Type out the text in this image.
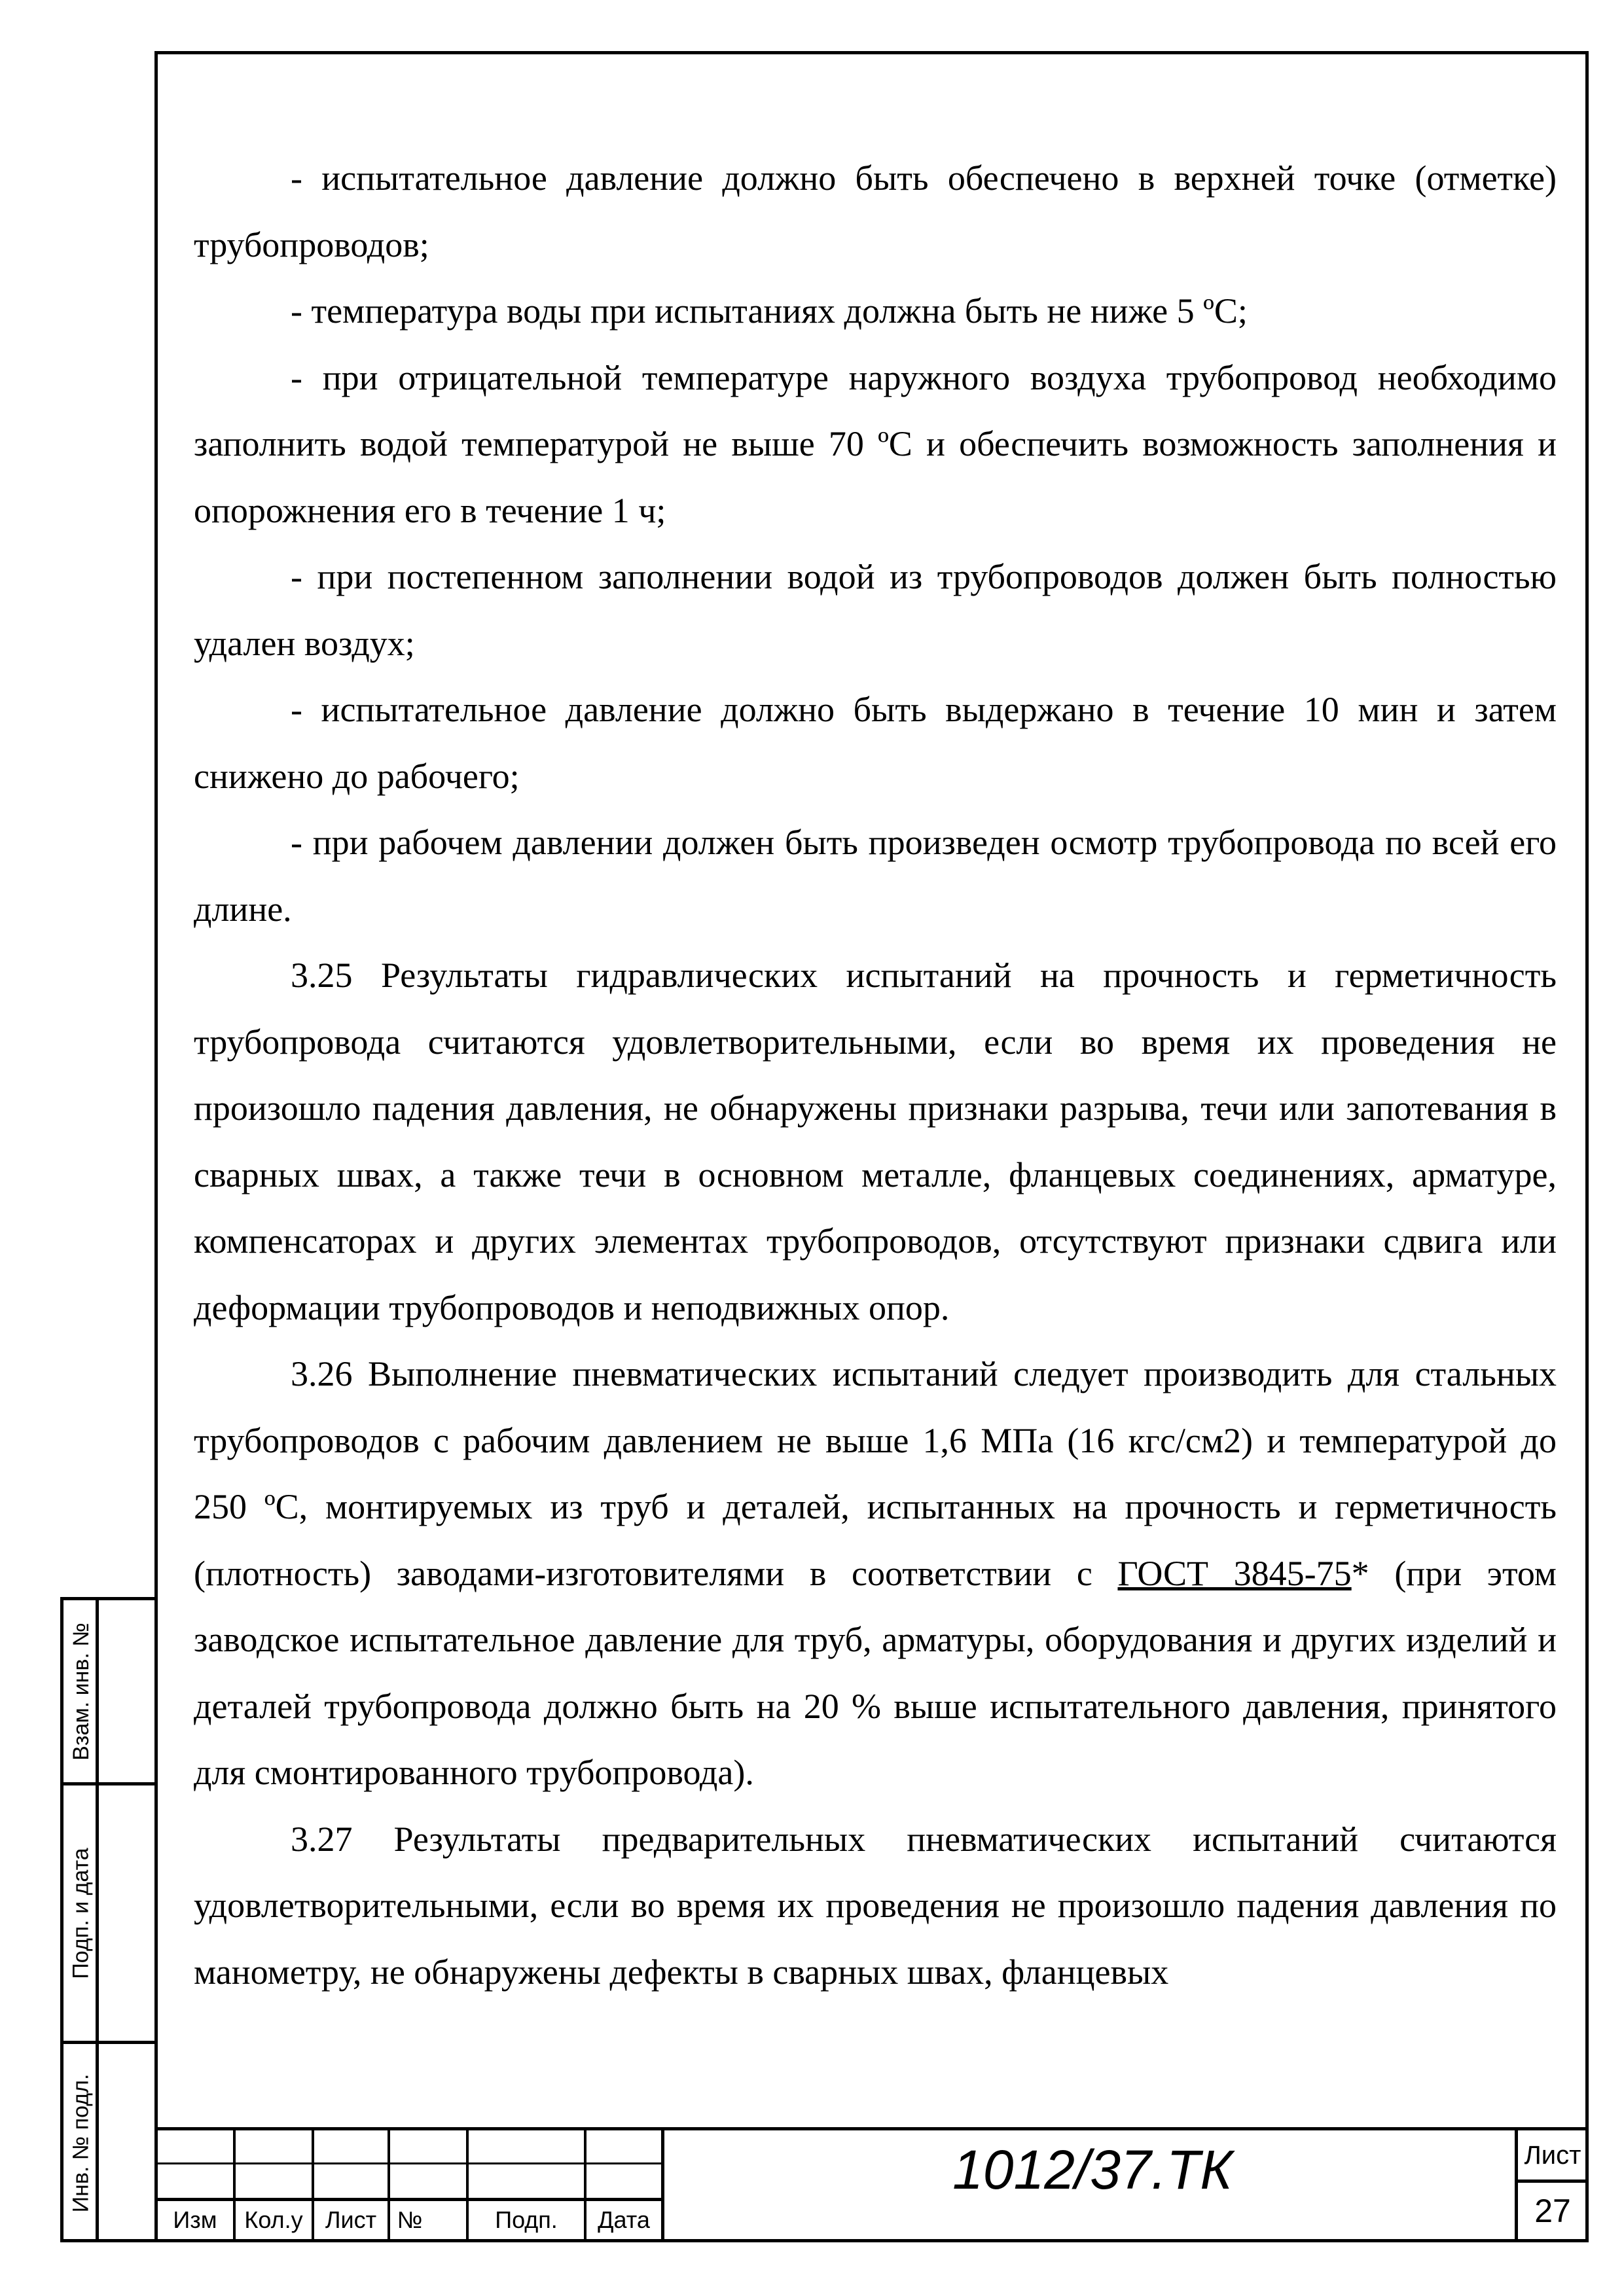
- испытательное давление должно быть обеспечено в верхней точке (отметке) трубопроводов;

- температура воды при испытаниях должна быть не ниже 5 ºС;

- при отрицательной температуре наружного воздуха трубопровод необходимо заполнить водой температурой не выше 70 ºС и обеспечить возможность заполнения и опорожнения его в течение 1 ч;

- при постепенном заполнении водой из трубопроводов должен быть полностью удален воздух;

- испытательное давление должно быть выдержано в течение 10 мин и затем снижено до рабочего;

- при рабочем давлении должен быть произведен осмотр трубопровода по всей его длине.

3.25 Результаты гидравлических испытаний на прочность и герметичность трубопровода считаются удовлетворительными, если во время их проведения не произошло падения давления, не обнаружены признаки разрыва, течи или запотевания в сварных швах, а также течи в основном металле, фланцевых соединениях, арматуре, компенсаторах и других элементах трубопроводов, отсутствуют признаки сдвига или деформации трубопроводов и неподвижных опор.

3.26 Выполнение пневматических испытаний следует производить для стальных трубопроводов с рабочим давлением не выше 1,6 МПа (16 кгс/см2) и температурой до 250 ºС, монтируемых из труб и деталей, испытанных на прочность и герметичность (плотность) заводами-изготовителями в соответствии с ГОСТ 3845-75* (при этом заводское испытательное давление для труб, арматуры, оборудования и других изделий и деталей трубопровода должно быть на 20 % выше испытательного давления, принятого для смонтированного трубопровода).

3.27 Результаты предварительных пневматических испытаний считаются удовлетворительными, если во время их проведения не произошло падения давления по манометру, не обнаружены дефекты в сварных швах, фланцевых

Взам. инв. №
Подп. и дата
Инв. № подл.
Изм	Кол.у Лист №	Подп.	Дата
1012/37.ТК	Лист
27
